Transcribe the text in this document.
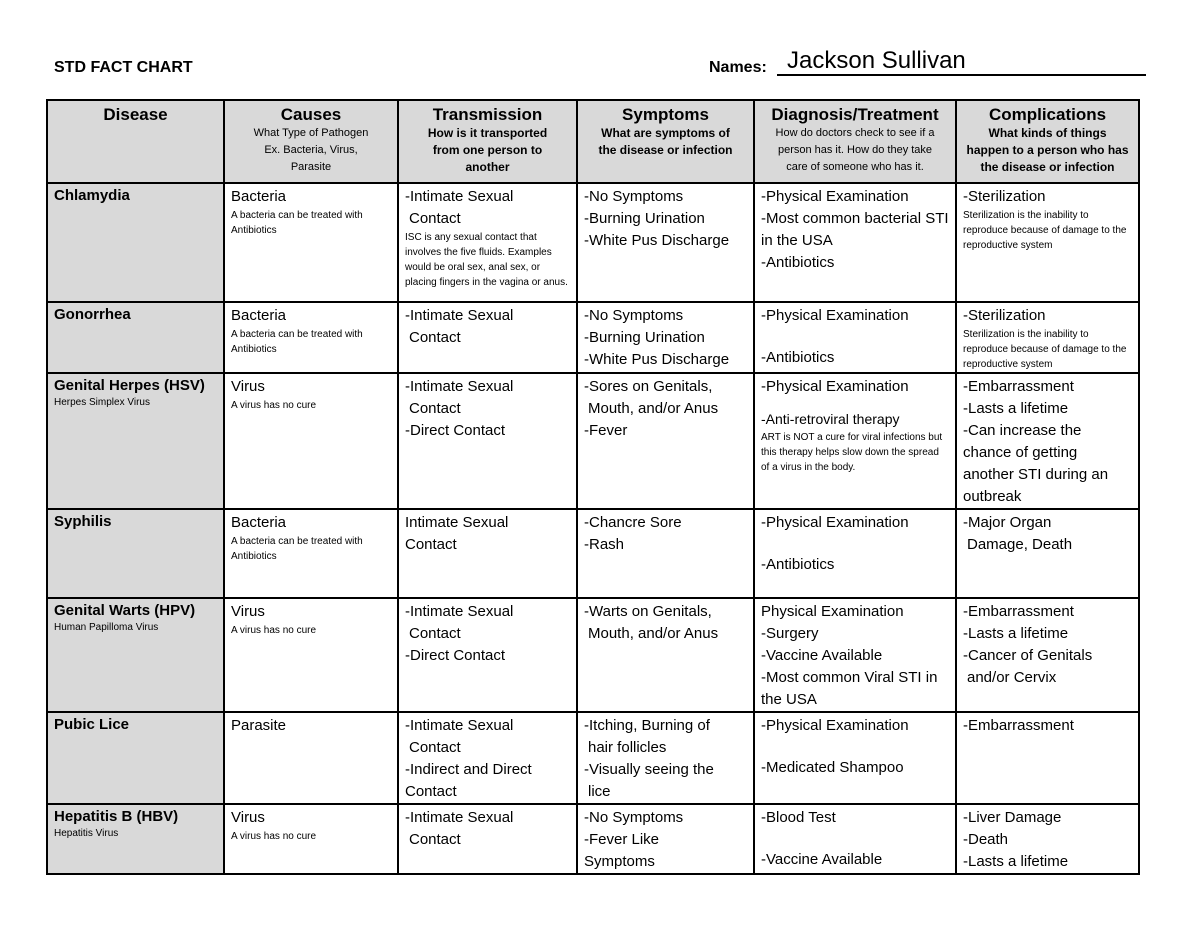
STD FACT CHART	Names: Jackson Sullivan
Disease	Causes
What Type of Pathogen
Ex. Bacteria, Virus,
Parasite	Transmission
How is it transported
from one person to
another	Symptoms
What are symptoms of
the disease or infection	Diagnosis/Treatment
How do doctors check to see if a
person has it. How do they take
care of someone who has it.	Complications
What kinds of things
happen to a person who has
the disease or infection

Chlamydia	Bacteria
A bacteria can be treated with Antibiotics	-Intimate Sexual
Contact
ISC is any sexual contact that involves the five fluids. Examples would be oral sex, anal sex, or placing fingers in the vagina or anus.	-No Symptoms
-Burning Urination
-White Pus Discharge	-Physical Examination
-Most common bacterial STI in the USA
-Antibiotics	-Sterilization
Sterilization is the inability to reproduce because of damage to the reproductive system

Gonorrhea	Bacteria
A bacteria can be treated with Antibiotics	-Intimate Sexual
Contact	-No Symptoms
-Burning Urination
-White Pus Discharge	-Physical Examination
-Antibiotics	-Sterilization
Sterilization is the inability to reproduce because of damage to the reproductive system

Genital Herpes (HSV)
Herpes Simplex Virus	Virus
A virus has no cure	-Intimate Sexual
Contact
-Direct Contact	-Sores on Genitals,
Mouth, and/or Anus
-Fever	-Physical Examination
-Anti-retroviral therapy
ART is NOT a cure for viral infections but this therapy helps slow down the spread of a virus in the body.	-Embarrassment
-Lasts a lifetime
-Can increase the chance of getting another STI during an outbreak

Syphilis	Bacteria
A bacteria can be treated with Antibiotics	Intimate Sexual
Contact	-Chancre Sore
-Rash	-Physical Examination
-Antibiotics	-Major Organ
Damage, Death

Genital Warts (HPV)
Human Papilloma Virus	Virus
A virus has no cure	-Intimate Sexual
Contact
-Direct Contact	-Warts on Genitals,
Mouth, and/or Anus	Physical Examination
-Surgery
-Vaccine Available
-Most common Viral STI in the USA	-Embarrassment
-Lasts a lifetime
-Cancer of Genitals
and/or Cervix

Pubic Lice	Parasite	-Intimate Sexual
Contact
-Indirect and Direct Contact	-Itching, Burning of
hair follicles
-Visually seeing the
lice	-Physical Examination
-Medicated Shampoo	-Embarrassment

Hepatitis B (HBV)
Hepatitis Virus	Virus
A virus has no cure	-Intimate Sexual
Contact	-No Symptoms
-Fever Like
Symptoms	-Blood Test
-Vaccine Available	-Liver Damage
-Death
-Lasts a lifetime
